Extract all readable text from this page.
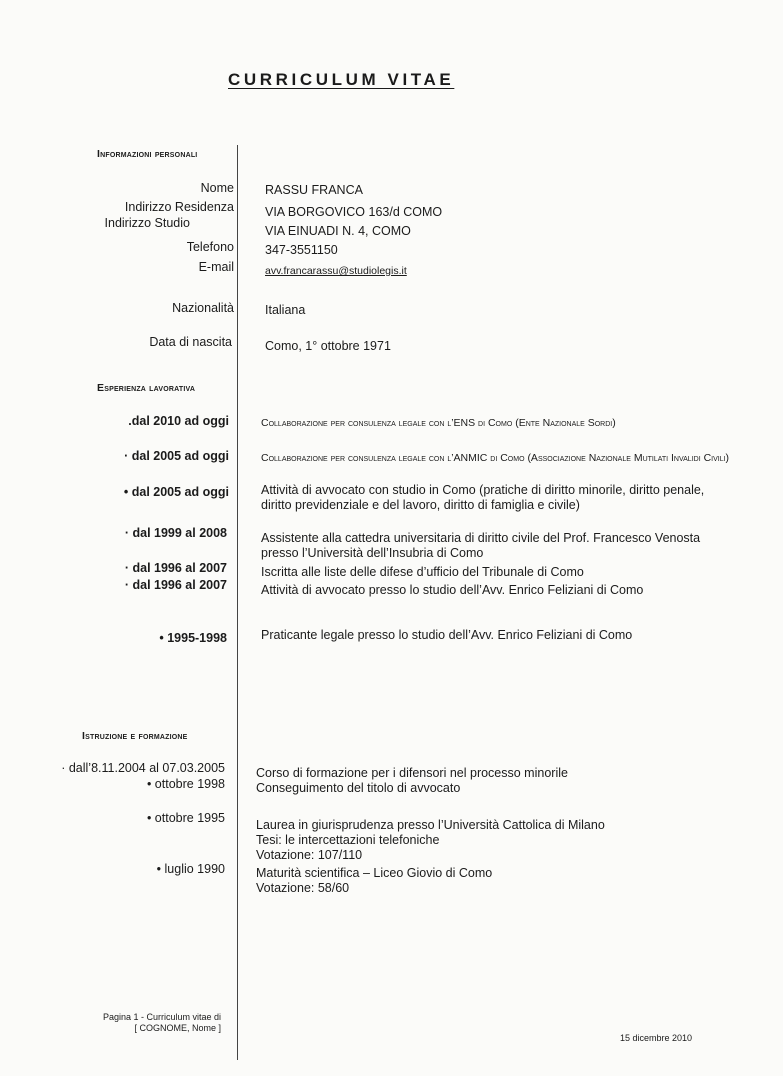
CURRICULUM VITAE
Informazioni personali
Nome RASSU FRANCA
Indirizzo Residenza VIA BORGOVICO 163/d COMO
Indirizzo Studio
VIA EINUADI N. 4, COMO
Telefono 347-3551150
E-mail	avv.francarassu@studiolegis.it
Nazionalità Italiana
Data di nascita	Como, 1° ottobre 1971
Esperienza lavorativa
.dal 2010 ad oggi	Collaborazione per consulenza legale con l’ENS di Como (Ente Nazionale Sordi)
· dal 2005 ad oggi	Collaborazione per consulenza legale con l’ANMIC di Como (Associazione Nazionale Mutilati Invalidi Civili)
• dal 2005 ad oggi	Attività di avvocato con studio in Como (pratiche di diritto minorile, diritto penale, diritto previdenziale e del lavoro, diritto di famiglia e civile)
· dal 1999 al 2008	Assistente alla cattedra universitaria di diritto civile del Prof. Francesco Venosta presso l’Università dell’Insubria di Como
· dal 1996 al 2007	Iscritta alle liste delle difese d’ufficio del Tribunale di Como
· dal 1996 al 2007	Attività di avvocato presso lo studio dell’Avv. Enrico Feliziani di Como
• 1995-1998	Praticante legale presso lo studio dell’Avv. Enrico Feliziani di Como
Istruzione e formazione
· dall’8.11.2004 al 07.03.2005 Corso di formazione per i difensori nel processo minorile
• ottobre 1998 Conseguimento del titolo di avvocato
• ottobre 1995 Laurea in giurisprudenza presso l’Università Cattolica di Milano
Tesi: le intercettazioni telefoniche
Votazione: 107/110
• luglio 1990 Maturità scientifica – Liceo Giovio di Como
Votazione: 58/60
Pagina 1 - Curriculum vitae di
[ COGNOME, Nome ]
15 dicembre 2010
